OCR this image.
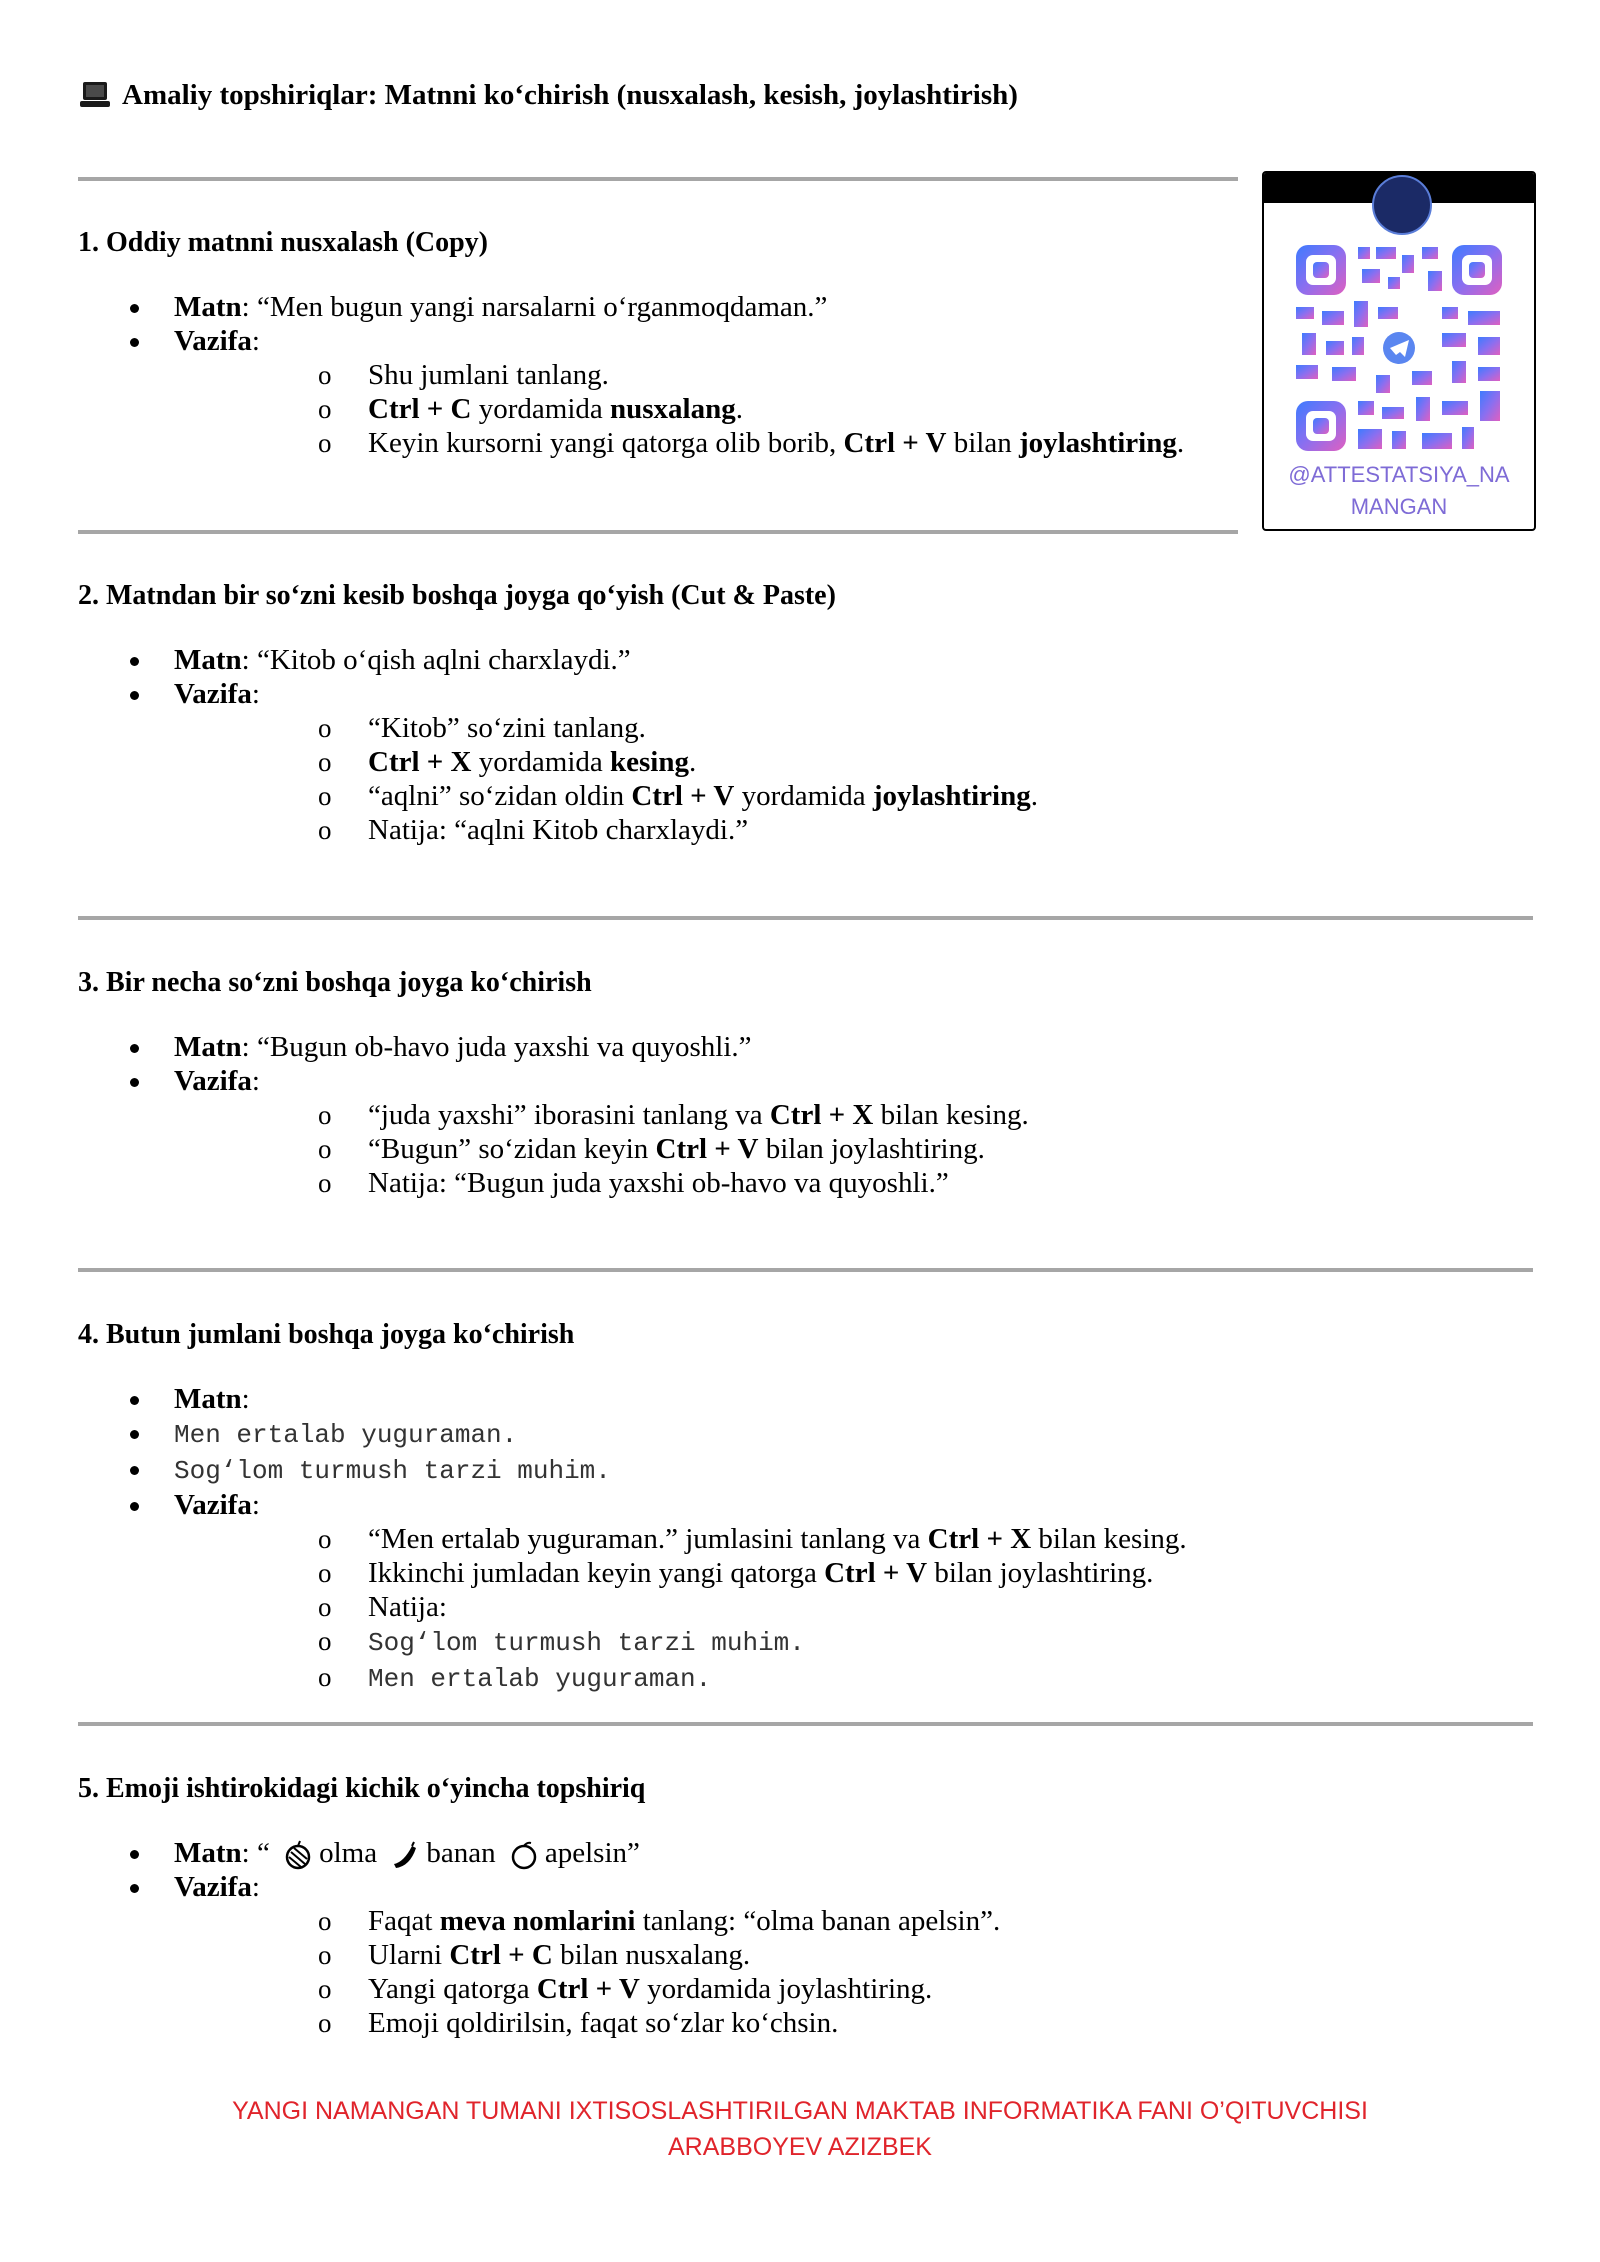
Amaliy topshiriqlar: Matnni ko‘chirish (nusxalash, kesish, joylashtirish)
@ATTESTATSIYA_NA
MANGAN
1. Oddiy matnni nusxalash (Copy)
Matn: “Men bugun yangi narsalarni o‘rganmoqdaman.”
Vazifa:
o Shu jumlani tanlang.
o Ctrl + C yordamida nusxalang.
o Keyin kursorni yangi qatorga olib borib, Ctrl + V bilan joylashtiring.
2. Matndan bir so‘zni kesib boshqa joyga qo‘yish (Cut & Paste)
Matn: “Kitob o‘qish aqlni charxlaydi.”
Vazifa:
o “Kitob” so‘zini tanlang.
o Ctrl + X yordamida kesing.
o “aqlni” so‘zidan oldin Ctrl + V yordamida joylashtiring.
o Natija: “aqlni Kitob charxlaydi.”
3. Bir necha so‘zni boshqa joyga ko‘chirish
Matn: “Bugun ob-havo juda yaxshi va quyoshli.”
Vazifa:
o “juda yaxshi” iborasini tanlang va Ctrl + X bilan kesing.
o “Bugun” so‘zidan keyin Ctrl + V bilan joylashtiring.
o Natija: “Bugun juda yaxshi ob-havo va quyoshli.”
4. Butun jumlani boshqa joyga ko‘chirish
Matn:
Men ertalab yuguraman.
Sog‘lom turmush tarzi muhim.
Vazifa:
o “Men ertalab yuguraman.” jumlasini tanlang va Ctrl + X bilan kesing.
o Ikkinchi jumladan keyin yangi qatorga Ctrl + V bilan joylashtiring.
o Natija:
o Sog‘lom turmush tarzi muhim.
o Men ertalab yuguraman.
5. Emoji ishtirokidagi kichik o‘yincha topshiriq
Matn: “ olma banan apelsin”
Vazifa:
o Faqat meva nomlarini tanlang: “olma banan apelsin”.
o Ularni Ctrl + C bilan nusxalang.
o Yangi qatorga Ctrl + V yordamida joylashtiring.
o Emoji qoldirilsin, faqat so‘zlar ko‘chsin.
YANGI NAMANGAN TUMANI IXTISOSLASHTIRILGAN MAKTAB INFORMATIKA FANI O’QITUVCHISI
ARABBOYEV AZIZBEK
